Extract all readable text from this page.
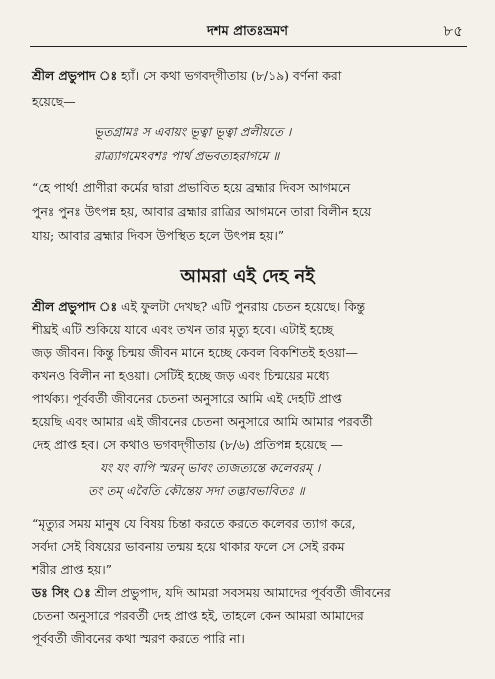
দশম প্রাতঃভ্রমণ	৮৫
শ্রীল প্রভুপাদ ঃ হ্যাঁ। সে কথা ভগবদ্‌গীতায় (৮/১৯) বর্ণনা করা
হয়েছে—
ভূতগ্রামঃ স এবায়ং ভূত্বা ভূত্বা প্রলীয়তে ।
রাত্র্যাগমেঽবশঃ পার্থ প্রভবত্যহরাগমে ॥
“হে পার্থ! প্রাণীরা কর্মের দ্বারা প্রভাবিত হয়ে ব্রহ্মার দিবস আগমনে
পুনঃ পুনঃ উৎপন্ন হয়, আবার ব্রহ্মার রাত্রির আগমনে তারা বিলীন হয়ে
যায়; আবার ব্রহ্মার দিবস উপস্থিত হলে উৎপন্ন হয়।”
আমরা এই দেহ নই
শ্রীল প্রভুপাদ ঃ এই ফুলটা দেখছ? এটি পুনরায় চেতন হয়েছে। কিন্তু
শীঘ্রই এটি শুকিয়ে যাবে এবং তখন তার মৃত্যু হবে। এটাই হচ্ছে
জড় জীবন। কিন্তু চিন্ময় জীবন মানে হচ্ছে কেবল বিকশিতই হওয়া—
কখনও বিলীন না হওয়া। সেটিই হচ্ছে জড় এবং চিন্ময়ের মধ্যে
পার্থক্য। পূর্ববর্তী জীবনের চেতনা অনুসারে আমি এই দেহটি প্রাপ্ত
হয়েছি এবং আমার এই জীবনের চেতনা অনুসারে আমি আমার পরবর্তী
দেহ প্রাপ্ত হব। সে কথাও ভগবদ্‌গীতায় (৮/৬) প্রতিপন্ন হয়েছে —
যং যং বাপি স্মরন্‌ ভাবং ত্যজত্যন্তে কলেবরম্‌ ।
তং তম্‌ এবৈতি কৌন্তেয় সদা তদ্ভাবভাবিতঃ ॥
“মৃত্যুর সময় মানুষ যে বিষয় চিন্তা করতে করতে কলেবর ত্যাগ করে,
সর্বদা সেই বিষয়ের ভাবনায় তন্ময় হয়ে থাকার ফলে সে সেই রকম
শরীর প্রাপ্ত হয়।”
ডঃ সিং ঃ শ্রীল প্রভুপাদ, যদি আমরা সবসময় আমাদের পূর্ববর্তী জীবনের
চেতনা অনুসারে পরবর্তী দেহ প্রাপ্ত হই, তাহলে কেন আমরা আমাদের
পূর্ববর্তী জীবনের কথা স্মরণ করতে পারি না।
